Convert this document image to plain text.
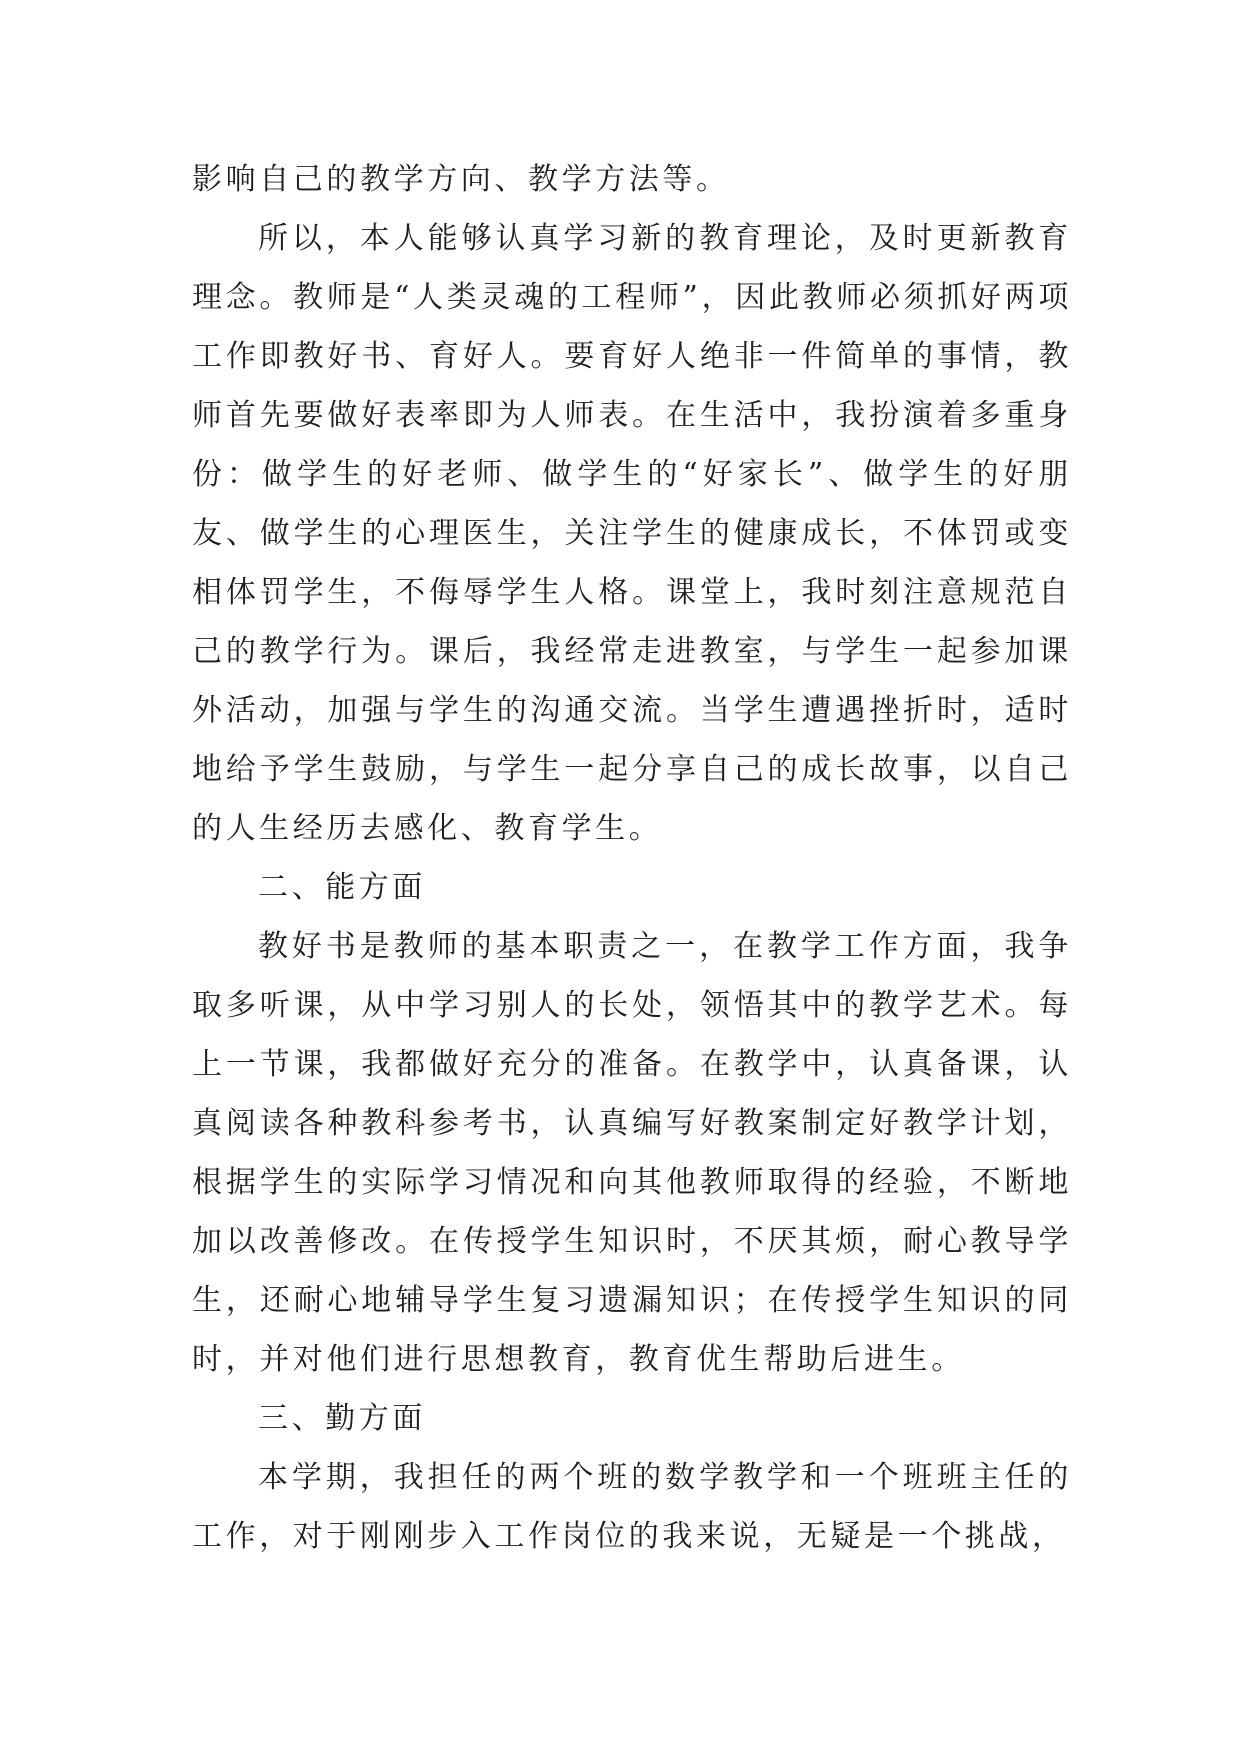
影响自己的教学方向、教学方法等。

所以，本人能够认真学习新的教育理论，及时更新教育理念。教师是“人类灵魂的工程师”，因此教师必须抓好两项工作即教好书、育好人。要育好人绝非一件简单的事情，教师首先要做好表率即为人师表。在生活中，我扮演着多重身份：做学生的好老师、做学生的“好家长”、做学生的好朋友、做学生的心理医生，关注学生的健康成长，不体罚或变相体罚学生，不侮辱学生人格。课堂上，我时刻注意规范自己的教学行为。课后，我经常走进教室，与学生一起参加课外活动，加强与学生的沟通交流。当学生遭遇挫折时，适时地给予学生鼓励，与学生一起分享自己的成长故事，以自己的人生经历去感化、教育学生。

二、能方面

教好书是教师的基本职责之一，在教学工作方面，我争取多听课，从中学习别人的长处，领悟其中的教学艺术。每上一节课，我都做好充分的准备。在教学中，认真备课，认真阅读各种教科参考书，认真编写好教案制定好教学计划，根据学生的实际学习情况和向其他教师取得的经验，不断地加以改善修改。在传授学生知识时，不厌其烦，耐心教导学生，还耐心地辅导学生复习遗漏知识；在传授学生知识的同时，并对他们进行思想教育，教育优生帮助后进生。

三、勤方面

本学期，我担任的两个班的数学教学和一个班班主任的工作，对于刚刚步入工作岗位的我来说，无疑是一个挑战，
